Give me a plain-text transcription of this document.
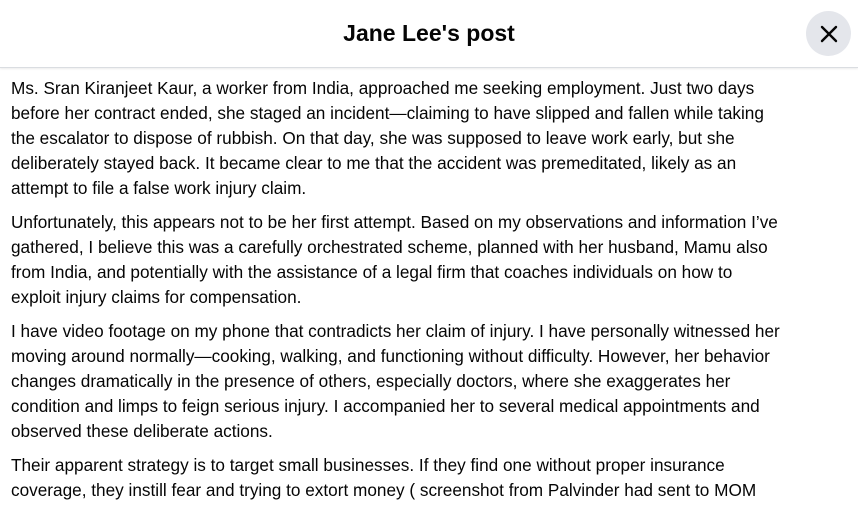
Jane Lee's post

Ms. Sran Kiranjeet Kaur, a worker from India, approached me seeking employment. Just two days
before her contract ended, she staged an incident—claiming to have slipped and fallen while taking
the escalator to dispose of rubbish. On that day, she was supposed to leave work early, but she
deliberately stayed back. It became clear to me that the accident was premeditated, likely as an
attempt to file a false work injury claim.

Unfortunately, this appears not to be her first attempt. Based on my observations and information I’ve
gathered, I believe this was a carefully orchestrated scheme, planned with her husband, Mamu also
from India, and potentially with the assistance of a legal firm that coaches individuals on how to
exploit injury claims for compensation.

I have video footage on my phone that contradicts her claim of injury. I have personally witnessed her
moving around normally—cooking, walking, and functioning without difficulty. However, her behavior
changes dramatically in the presence of others, especially doctors, where she exaggerates her
condition and limps to feign serious injury. I accompanied her to several medical appointments and
observed these deliberate actions.

Their apparent strategy is to target small businesses. If they find one without proper insurance
coverage, they instill fear and trying to extort money ( screenshot from Palvinder had sent to MOM
